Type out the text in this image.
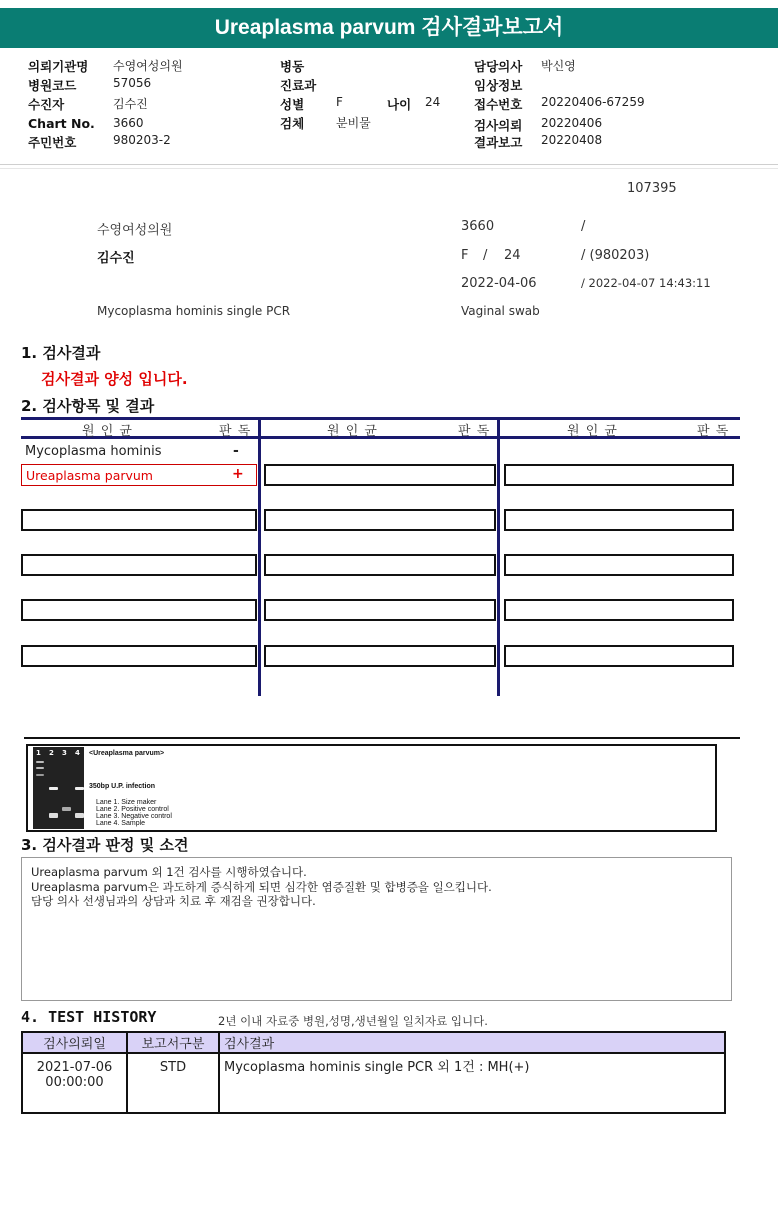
Ureaplasma parvum 검사결과보고서
의뢰기관명 수영여성의원
병원코드	57056
수진자	김수진
Chart No. 3660
주민번호	980203-2
병동
진료과
성별	F	나이 24
검체	분비물
담당의사 박신영
임상정보
접수번호 20220406-67259
검사의뢰 20220406
결과보고 20220408
107395
수영여성의원	3660	/
김수진	F / 24	/ (980203)
2022-04-06	/ 2022-04-07 14:43:11
Mycoplasma hominis single PCR	Vaginal swab
1. 검사결과
검사결과 양성 입니다.
2. 검사항목 및 결과
원 인 균	판 독	원 인 균	판 독	원 인 균	판 독
Mycoplasma hominis	-
Ureaplasma parvum	+
1 2 3 4 <Ureaplasma parvum>
350bp U.P. infection
Lane 1. Size maker
Lane 2. Positive control
Lane 3. Negative control
Lane 4. Sample
3. 검사결과 판정 및 소견
Ureaplasma parvum 외 1건 검사를 시행하였습니다.
Ureaplasma parvum은 과도하게 증식하게 되면 심각한 염증질환 및 합병증을 일으킵니다.
담당 의사 선생님과의 상담과 치료 후 재검을 권장합니다.
4. TEST HISTORY	2년 이내 자료중 병원,성명,생년월일 일치자료 입니다.
검사의뢰일	보고서구분	검사결과

2021-07-06
00:00:00	STD	Mycoplasma hominis single PCR 외 1건 : MH(+)
